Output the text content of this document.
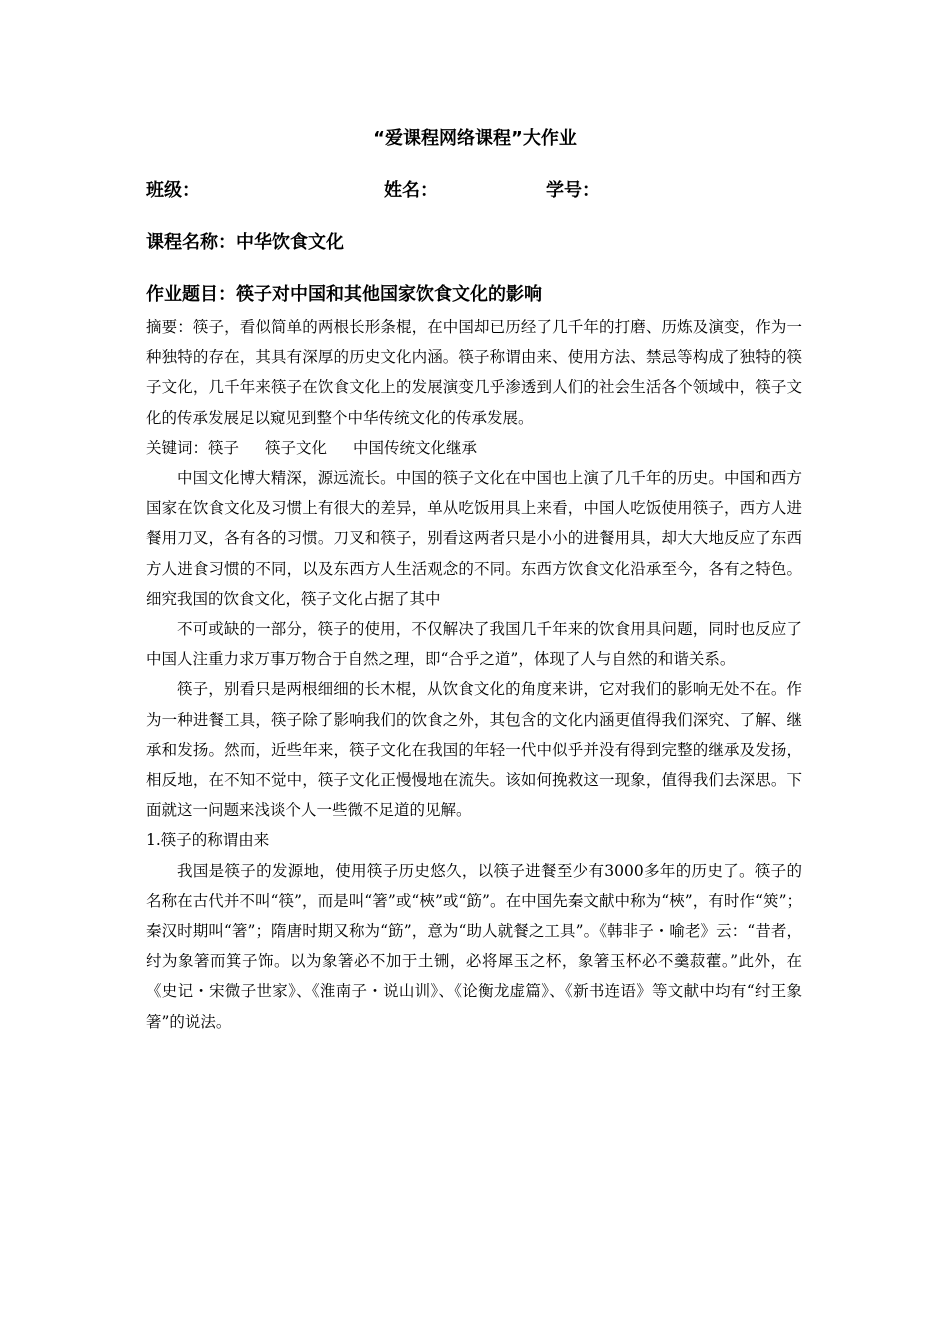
“爱课程网络课程”大作业
班级：	姓名：	学号：
课程名称：中华饮食文化
作业题目：筷子对中国和其他国家饮食文化的影响

摘要：筷子，看似简单的两根长形条棍，在中国却已历经了几千年的打磨、历炼及演变，作为一种独特的存在，其具有深厚的历史文化内涵。筷子称谓由来、使用方法、禁忌等构成了独特的筷子文化，几千年来筷子在饮食文化上的发展演变几乎渗透到人们的社会生活各个领域中，筷子文化的传承发展足以窥见到整个中华传统文化的传承发展。

关键词：筷子 筷子文化 中国传统文化继承

中国文化博大精深，源远流长。中国的筷子文化在中国也上演了几千年的历史。中国和西方国家在饮食文化及习惯上有很大的差异，单从吃饭用具上来看，中国人吃饭使用筷子，西方人进餐用刀叉，各有各的习惯。刀叉和筷子，别看这两者只是小小的进餐用具，却大大地反应了东西方人进食习惯的不同，以及东西方人生活观念的不同。东西方饮食文化沿承至今，各有之特色。细究我国的饮食文化，筷子文化占据了其中

不可或缺的一部分，筷子的使用，不仅解决了我国几千年来的饮食用具问题，同时也反应了中国人注重力求万事万物合于自然之理，即“合乎之道”，体现了人与自然的和谐关系。

筷子，别看只是两根细细的长木棍，从饮食文化的角度来讲，它对我们的影响无处不在。作为一种进餐工具，筷子除了影响我们的饮食之外，其包含的文化内涵更值得我们深究、了解、继承和发扬。然而，近些年来，筷子文化在我国的年轻一代中似乎并没有得到完整的继承及发扬，相反地，在不知不觉中，筷子文化正慢慢地在流失。该如何挽救这一现象，值得我们去深思。下面就这一问题来浅谈个人一些微不足道的见解。

1.筷子的称谓由来

我国是筷子的发源地，使用筷子历史悠久，以筷子进餐至少有3000多年的历史了。筷子的名称在古代并不叫“筷”，而是叫“箸”或“梜”或“筯”。在中国先秦文献中称为“梜”，有时作“筴”；秦汉时期叫“箸”；隋唐时期又称为“筯”，意为“助人就餐之工具”。《韩非子・喻老》云：“昔者，纣为象箸而箕子饰。以为象箸必不加于土铏，必将犀玉之杯，象箸玉杯必不羹菽藿。”此外，在《史记・宋微子世家》、《淮南子・说山训》、《论衡龙虚篇》、《新书连语》等文献中均有“纣王象箸”的说法。
